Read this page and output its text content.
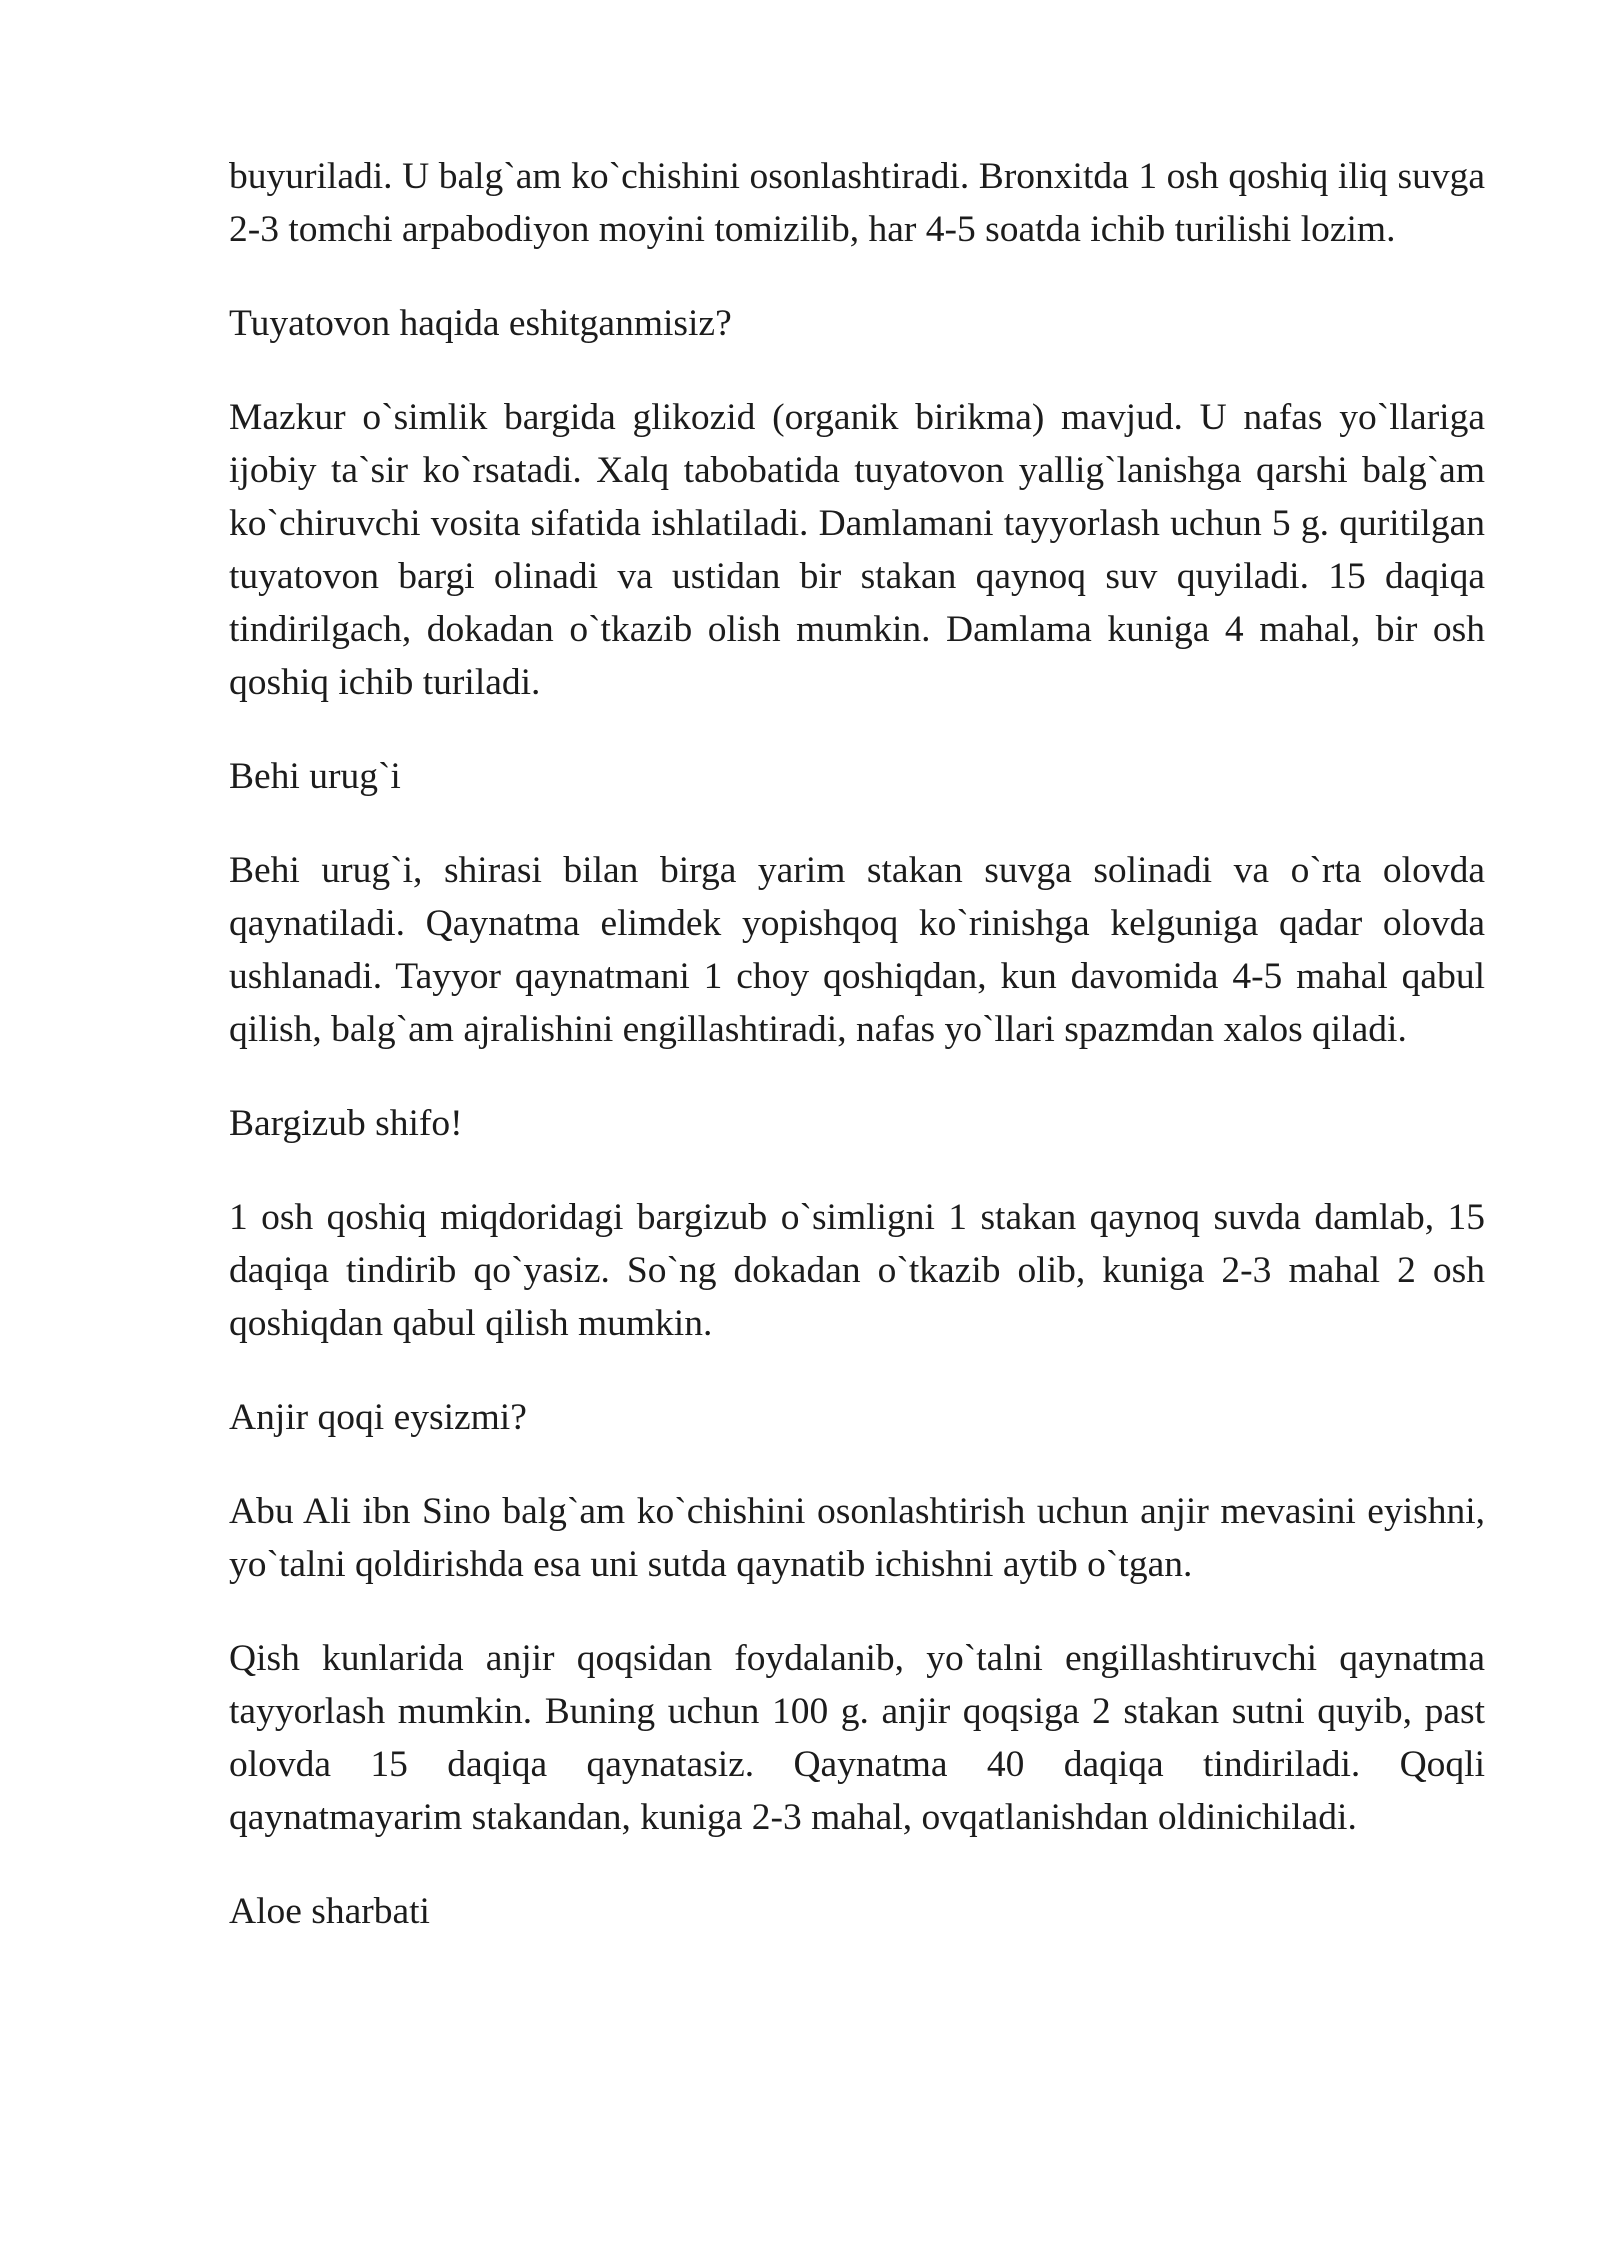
buyuriladi. U balg`am ko`chishini osonlashtiradi. Bronxitda 1 osh qoshiq iliq suvga 2-3 tomchi arpabodiyon moyini tomizilib, har 4-5 soatda ichib turilishi lozim.

Tuyatovon haqida eshitganmisiz?

Mazkur o`simlik bargida glikozid (organik birikma) mavjud. U nafas yo`llariga ijobiy ta`sir ko`rsatadi. Xalq tabobatida tuyatovon yallig`lanishga qarshi balg`am ko`chiruvchi vosita sifatida ishlatiladi. Damlamani tayyorlash uchun 5 g. quritilgan tuyatovon bargi olinadi va ustidan bir stakan qaynoq suv quyiladi. 15 daqiqa tindirilgach, dokadan o`tkazib olish mumkin. Damlama kuniga 4 mahal, bir osh qoshiq ichib turiladi.

Behi urug`i

Behi urug`i, shirasi bilan birga yarim stakan suvga solinadi va o`rta olovda qaynatiladi. Qaynatma elimdek yopishqoq ko`rinishga kelguniga qadar olovda ushlanadi. Tayyor qaynatmani 1 choy qoshiqdan, kun davomida 4-5 mahal qabul qilish, balg`am ajralishini engillashtiradi, nafas yo`llari spazmdan xalos qiladi.

Bargizub shifo!

1 osh qoshiq miqdoridagi bargizub o`simligni 1 stakan qaynoq suvda damlab, 15 daqiqa tindirib qo`yasiz. So`ng dokadan o`tkazib olib, kuniga 2-3 mahal 2 osh qoshiqdan qabul qilish mumkin.

Anjir qoqi eysizmi?

Abu Ali ibn Sino balg`am ko`chishini osonlashtirish uchun anjir mevasini eyishni, yo`talni qoldirishda esa uni sutda qaynatib ichishni aytib o`tgan.

Qish kunlarida anjir qoqsidan foydalanib, yo`talni engillashtiruvchi qaynatma tayyorlash mumkin. Buning uchun 100 g. anjir qoqsiga 2 stakan sutni quyib, past olovda 15 daqiqa qaynatasiz. Qaynatma 40 daqiqa tindiriladi. Qoqli qaynatmayarim stakandan, kuniga 2-3 mahal, ovqatlanishdan oldinichiladi.

Aloe sharbati
